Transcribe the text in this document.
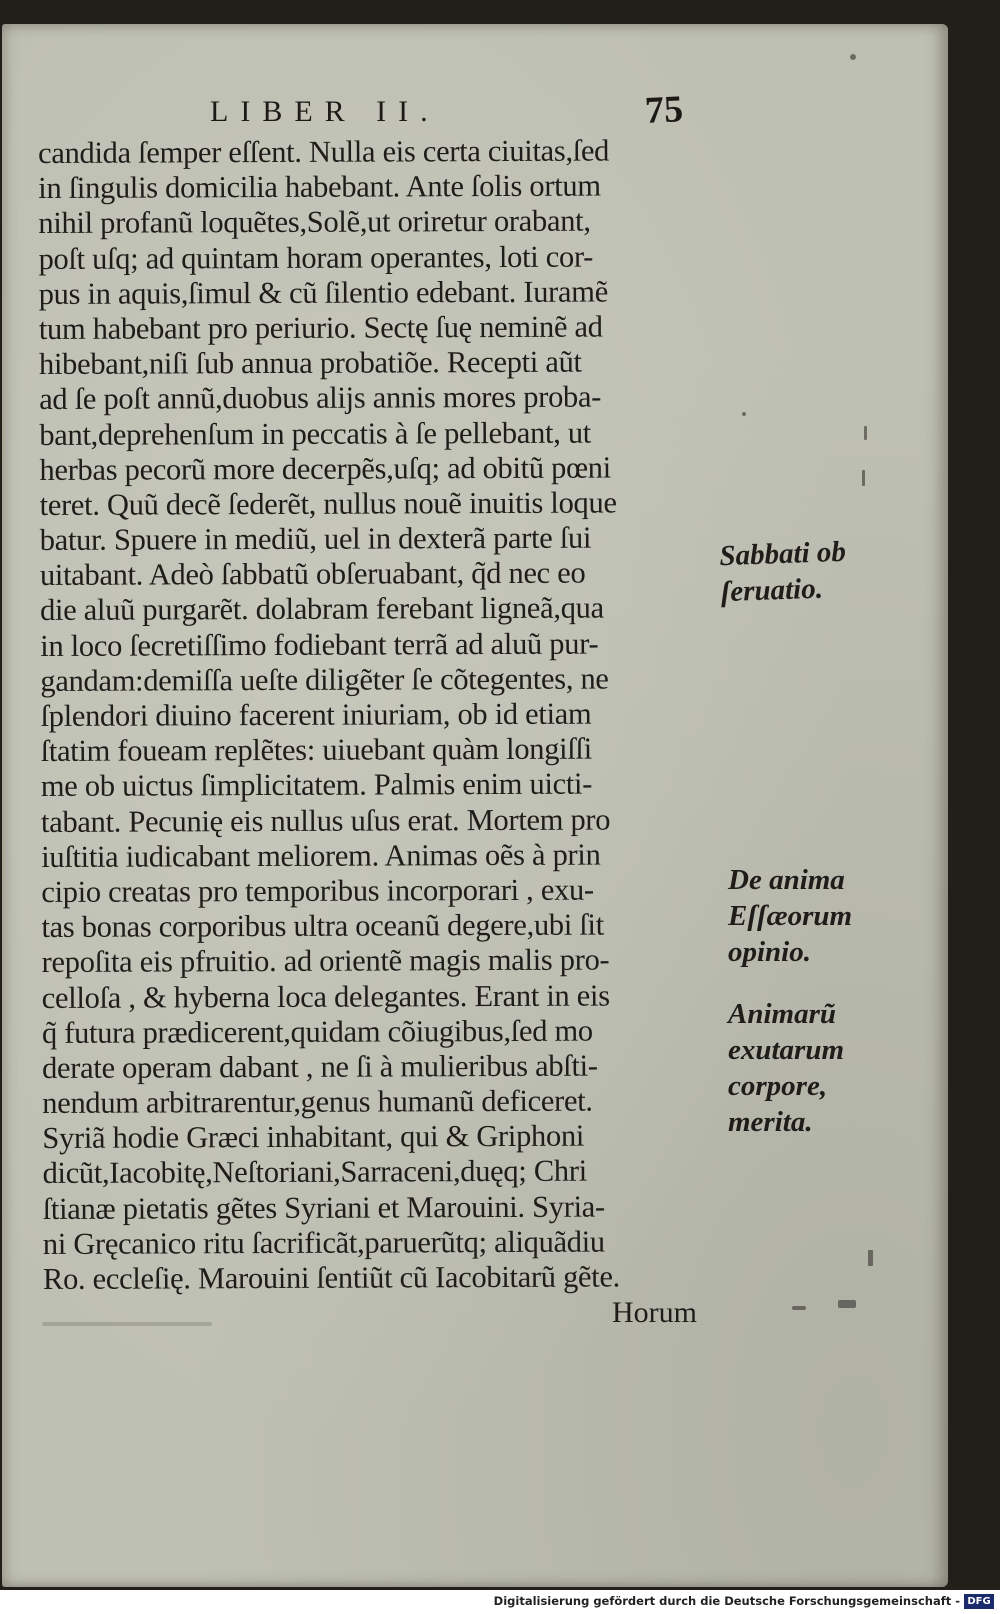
LIBER II.	75
candida ſemper eſſent. Nulla eis certa ciuitas,ſed
in ſingulis domicilia habebant. Ante ſolis ortum
nihil profanũ loquẽtes,Solẽ,ut oriretur orabant,
poſt uſq; ad quintam horam operantes, loti cor-
pus in aquis,ſimul & cũ ſilentio edebant. Iuramẽ
tum habebant pro periurio. Sectę ſuę neminẽ ad
hibebant,niſi ſub annua probatiõe. Recepti aũt
ad ſe poſt annũ,duobus alijs annis mores proba-
bant,deprehenſum in peccatis à ſe pellebant, ut
herbas pecorũ more decerpẽs,uſq; ad obitũ pœni
teret. Quũ decẽ ſederẽt, nullus nouẽ inuitis loque
batur. Spuere in mediũ, uel in dexterã parte ſui
uitabant. Adeò ſabbatũ obſeruabant, q̃d nec eo
die aluũ purgarẽt. dolabram ferebant ligneã,qua
in loco ſecretiſſimo fodiebant terrã ad aluũ pur-
gandam:demiſſa ueſte diligẽter ſe cõtegentes, ne
ſplendori diuino facerent iniuriam, ob id etiam
ſtatim foueam replẽtes: uiuebant quàm longiſſi
me ob uictus ſimplicitatem. Palmis enim uicti-
tabant. Pecunię eis nullus uſus erat. Mortem pro
iuſtitia iudicabant meliorem. Animas oẽs à prin
cipio creatas pro temporibus incorporari , exu-
tas bonas corporibus ultra oceanũ degere,ubi ſit
repoſita eis pfruitio. ad orientẽ magis malis pro-
celloſa , & hyberna loca delegantes. Erant in eis
q̃ futura prædicerent,quidam cõiugibus,ſed mo
derate operam dabant , ne ſi à mulieribus abſti-
nendum arbitrarentur,genus humanũ deficeret.
Syriã hodie Græci inhabitant, qui & Griphoni
dicũt,Iacobitę,Neſtoriani,Sarraceni,duęq; Chri
ſtianæ pietatis gẽtes Syriani et Marouini. Syria-
ni Gręcanico ritu ſacrificãt,paruerũtq; aliquãdiu
Ro. eccleſię. Marouini ſentiũt cũ Iacobitarũ gẽte.
Sabbati ob
ſeruatio.
De anima
Eſſæorum
opinio.
Animarũ
exutarum
corpore,
merita.
Horum
Digitalisierung gefördert durch die Deutsche Forschungsgemeinschaft - DFG
